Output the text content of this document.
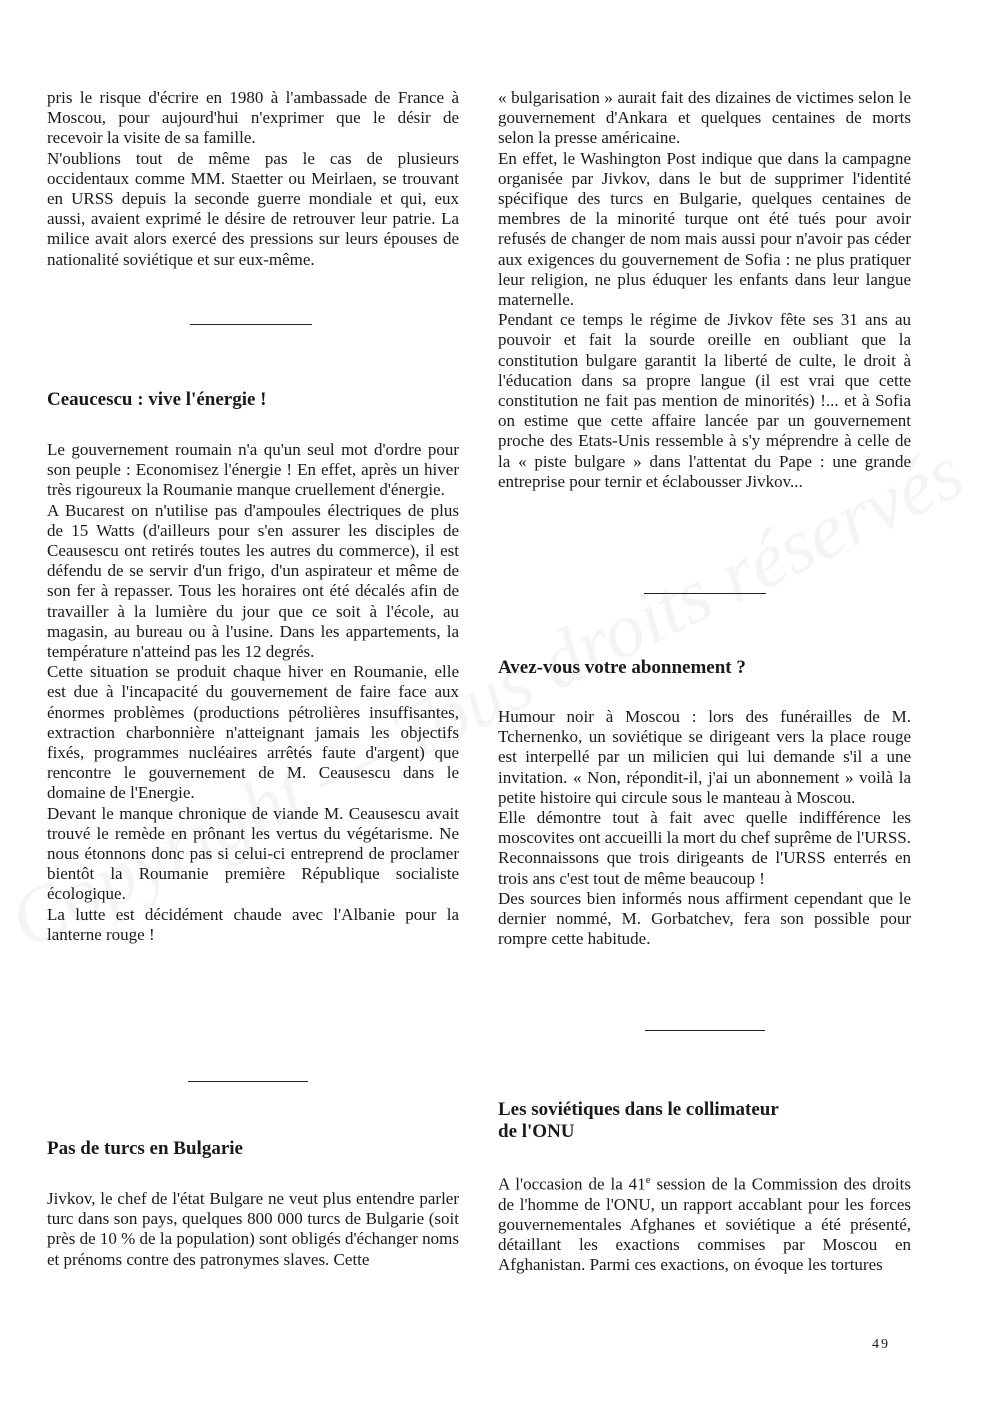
pris le risque d'écrire en 1980 à l'ambassade de France à Moscou, pour aujourd'hui n'exprimer que le désir de recevoir la visite de sa famille.

N'oublions tout de même pas le cas de plusieurs occidentaux comme MM. Staetter ou Meirlaen, se trouvant en URSS depuis la seconde guerre mondiale et qui, eux aussi, avaient exprimé le désire de retrouver leur patrie. La milice avait alors exercé des pressions sur leurs épouses de nationalité soviétique et sur eux-même.

Ceaucescu : vive l'énergie !

Le gouvernement roumain n'a qu'un seul mot d'ordre pour son peuple : Economisez l'énergie ! En effet, après un hiver très rigoureux la Roumanie manque cruellement d'énergie.

A Bucarest on n'utilise pas d'ampoules électriques de plus de 15 Watts (d'ailleurs pour s'en assurer les disciples de Ceausescu ont retirés toutes les autres du commerce), il est défendu de se servir d'un frigo, d'un aspirateur et même de son fer à repasser. Tous les horaires ont été décalés afin de travailler à la lumière du jour que ce soit à l'école, au magasin, au bureau ou à l'usine. Dans les appartements, la température n'atteind pas les 12 degrés.

Cette situation se produit chaque hiver en Roumanie, elle est due à l'incapacité du gouvernement de faire face aux énormes problèmes (productions pétrolières insuffisantes, extraction charbonnière n'atteignant jamais les objectifs fixés, programmes nucléaires arrêtés faute d'argent) que rencontre le gouvernement de M. Ceausescu dans le domaine de l'Energie.

Devant le manque chronique de viande M. Ceausescu avait trouvé le remède en prônant les vertus du végétarisme. Ne nous étonnons donc pas si celui-ci entreprend de proclamer bientôt la Roumanie première République socialiste écologique.

La lutte est décidément chaude avec l'Albanie pour la lanterne rouge !

Pas de turcs en Bulgarie

Jivkov, le chef de l'état Bulgare ne veut plus entendre parler turc dans son pays, quelques 800 000 turcs de Bulgarie (soit près de 10 % de la population) sont obligés d'échanger noms et prénoms contre des patronymes slaves. Cette

« bulgarisation » aurait fait des dizaines de victimes selon le gouvernement d'Ankara et quelques centaines de morts selon la presse américaine.

En effet, le Washington Post indique que dans la campagne organisée par Jivkov, dans le but de supprimer l'identité spécifique des turcs en Bulgarie, quelques centaines de membres de la minorité turque ont été tués pour avoir refusés de changer de nom mais aussi pour n'avoir pas céder aux exigences du gouvernement de Sofia : ne plus pratiquer leur religion, ne plus éduquer les enfants dans leur langue maternelle.

Pendant ce temps le régime de Jivkov fête ses 31 ans au pouvoir et fait la sourde oreille en oubliant que la constitution bulgare garantit la liberté de culte, le droit à l'éducation dans sa propre langue (il est vrai que cette constitution ne fait pas mention de minorités) !... et à Sofia on estime que cette affaire lancée par un gouvernement proche des Etats-Unis ressemble à s'y méprendre à celle de la « piste bulgare » dans l'attentat du Pape : une grande entreprise pour ternir et éclabousser Jivkov...

Avez-vous votre abonnement ?

Humour noir à Moscou : lors des funérailles de M. Tchernenko, un soviétique se dirigeant vers la place rouge est interpellé par un milicien qui lui demande s'il a une invitation. « Non, répondit-il, j'ai un abonnement » voilà la petite histoire qui circule sous le manteau à Moscou.

Elle démontre tout à fait avec quelle indifférence les moscovites ont accueilli la mort du chef suprême de l'URSS. Reconnaissons que trois dirigeants de l'URSS enterrés en trois ans c'est tout de même beaucoup !

Des sources bien informés nous affirment cependant que le dernier nommé, M. Gorbatchev, fera son possible pour rompre cette habitude.

Les soviétiques dans le collimateur
de l'ONU

A l'occasion de la 41e session de la Commission des droits de l'homme de l'ONU, un rapport accablant pour les forces gouvernementales Afghanes et soviétique a été présenté, détaillant les exactions commises par Moscou en Afghanistan. Parmi ces exactions, on évoque les tortures

49
